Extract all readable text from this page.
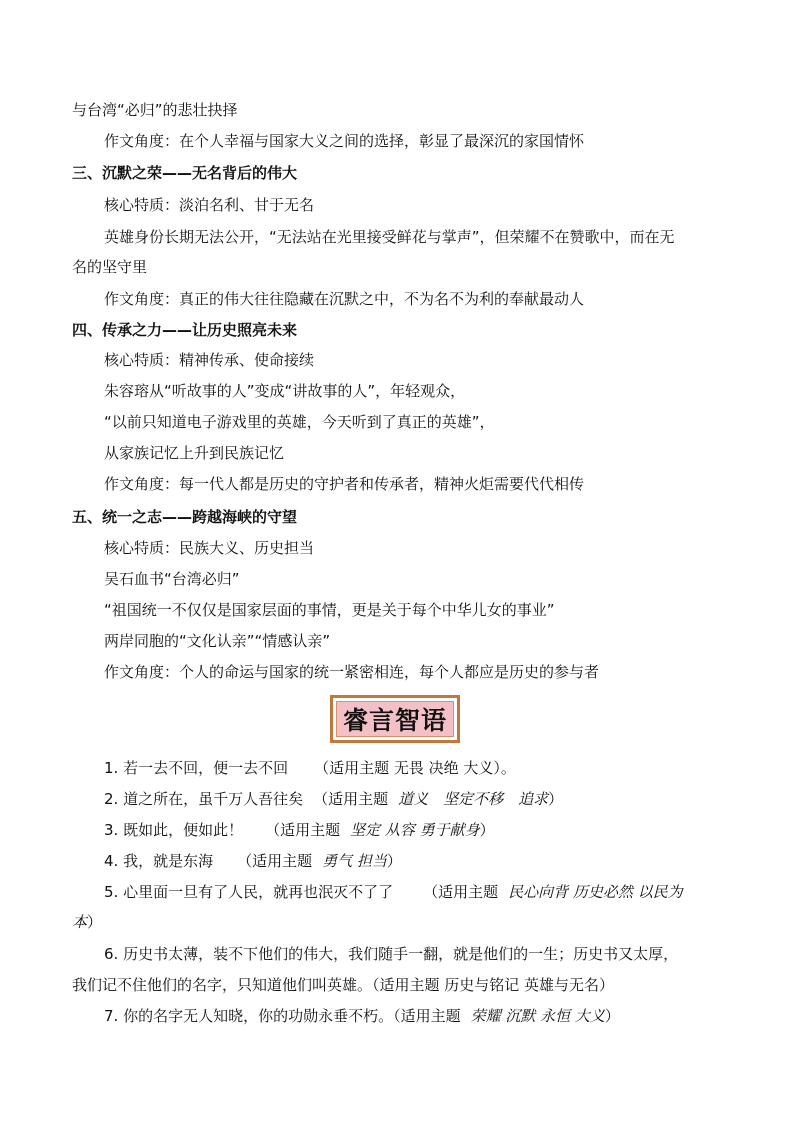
与台湾“必归”的悲壮抉择
作文角度：在个人幸福与国家大义之间的选择，彰显了最深沉的家国情怀
三、沉默之荣——无名背后的伟大
核心特质：淡泊名利、甘于无名
英雄身份长期无法公开，“无法站在光里接受鲜花与掌声”，但荣耀不在赞歌中，而在无
名的坚守里
作文角度：真正的伟大往往隐藏在沉默之中，不为名不为利的奉献最动人
四、传承之力——让历史照亮未来
核心特质：精神传承、使命接续
朱容瑢从“听故事的人”变成“讲故事的人”，年轻观众，
“以前只知道电子游戏里的英雄，今天听到了真正的英雄”，
从家族记忆上升到民族记忆
作文角度：每一代人都是历史的守护者和传承者，精神火炬需要代代相传
五、统一之志——跨越海峡的守望
核心特质：民族大义、历史担当
吴石血书“台湾必归”
“祖国统一不仅仅是国家层面的事情，更是关于每个中华儿女的事业”
两岸同胞的“文化认亲”“情感认亲”
作文角度：个人的命运与国家的统一紧密相连，每个人都应是历史的参与者
睿言智语
1. 若一去不回，便一去不回 （适用主题 无畏 决绝 大义）。
2. 道之所在，虽千万人吾往矣 （适用主题 道义　坚定不移　追求）
3. 既如此，便如此！ （适用主题 坚定 从容 勇于献身）
4. 我，就是东海 （适用主题 勇气 担当）
5. 心里面一旦有了人民，就再也泯灭不了了 （适用主题 民心向背 历史必然 以民为
本）
6. 历史书太薄，装不下他们的伟大，我们随手一翻，就是他们的一生；历史书又太厚，
我们记不住他们的名字，只知道他们叫英雄。（适用主题 历史与铭记 英雄与无名）
7. 你的名字无人知晓，你的功勋永垂不朽。（适用主题 荣耀 沉默 永恒 大义）
